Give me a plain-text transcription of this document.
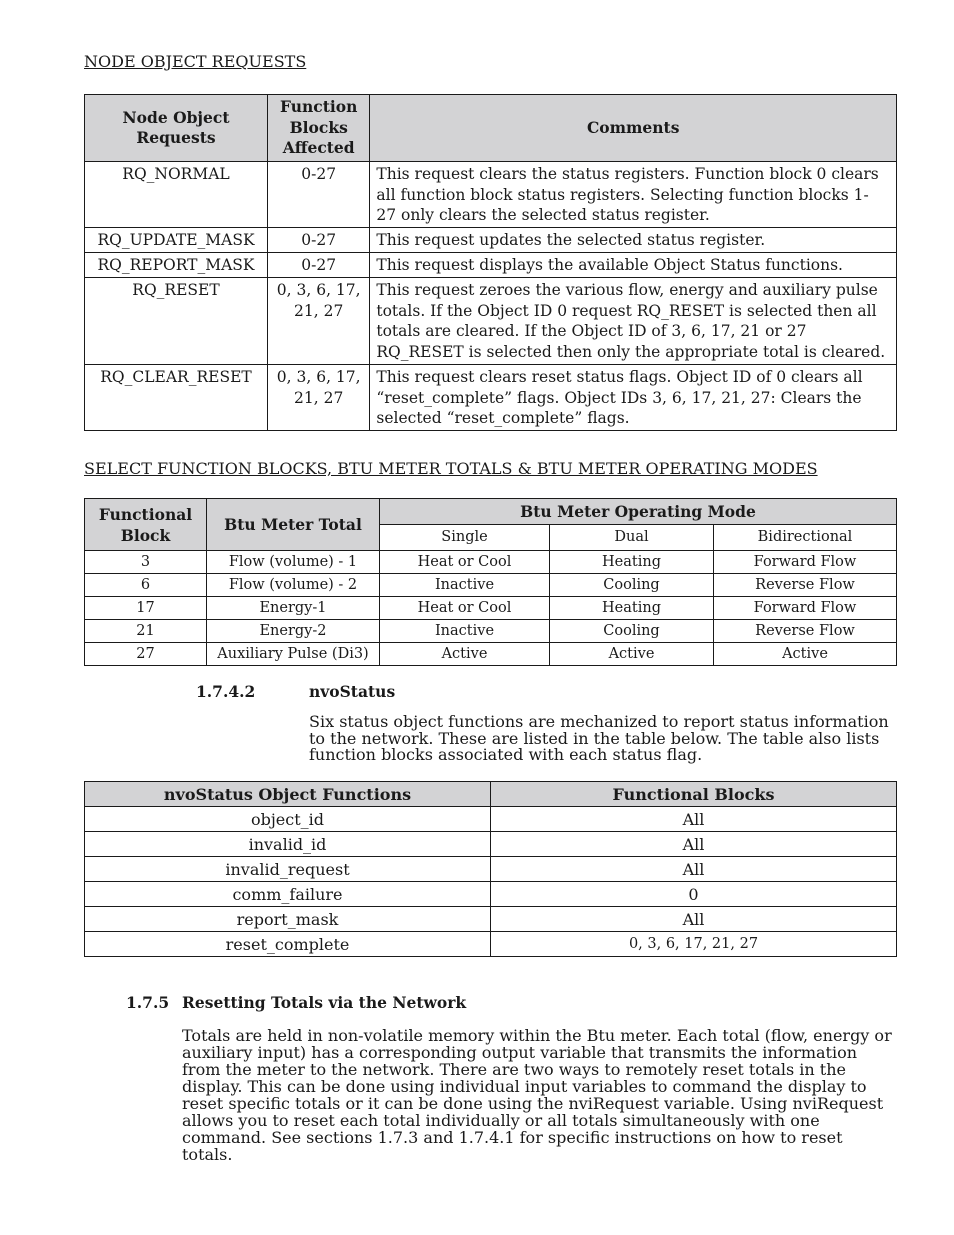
NODE OBJECT REQUESTS
Node Object Requests	Function Blocks Affected	Comments
RQ_NORMAL	0-27	This request clears the status registers. Function block 0 clears all function block status registers. Selecting function blocks 1- 27 only clears the selected status register.
RQ_UPDATE_MASK	0-27	This request updates the selected status register.
RQ_REPORT_MASK	0-27	This request displays the available Object Status functions.
RQ_RESET	0, 3, 6, 17, 21, 27	This request zeroes the various flow, energy and auxiliary pulse totals. If the Object ID 0 request RQ_RESET is selected then all totals are cleared. If the Object ID of 3, 6, 17, 21 or 27 RQ_RESET is selected then only the appropriate total is cleared.
RQ_CLEAR_RESET	0, 3, 6, 17, 21, 27	This request clears reset status flags. Object ID of 0 clears all “reset_complete” flags. Object IDs 3, 6, 17, 21, 27: Clears the selected “reset_complete” flags.
SELECT FUNCTION BLOCKS, BTU METER TOTALS & BTU METER OPERATING MODES
Functional Block	Btu Meter Total	Btu Meter Operating Mode		
		Single	Dual	Bidirectional
3	Flow (volume) - 1	Heat or Cool	Heating	Forward Flow
6	Flow (volume) - 2	Inactive	Cooling	Reverse Flow
17	Energy-1	Heat or Cool	Heating	Forward Flow
21	Energy-2	Inactive	Cooling	Reverse Flow
27	Auxiliary Pulse (Di3)	Active	Active	Active
1.7.4.2	nvoStatus
Six status object functions are mechanized to report status information to the network. These are listed in the table below. The table also lists function blocks associated with each status flag.
nvoStatus Object Functions	Functional Blocks
object_id	All
invalid_id	All
invalid_request	All
comm_failure	0
report_mask	All
reset_complete	0, 3, 6, 17, 21, 27
1.7.5 Resetting Totals via the Network
Totals are held in non-volatile memory within the Btu meter. Each total (flow, energy or auxiliary input) has a corresponding output variable that transmits the information from the meter to the network. There are two ways to remotely reset totals in the display. This can be done using individual input variables to command the display to reset specific totals or it can be done using the nviRequest variable. Using nviRequest allows you to reset each total individually or all totals simultaneously with one command. See sections 1.7.3 and 1.7.4.1 for specific instructions on how to reset totals.
